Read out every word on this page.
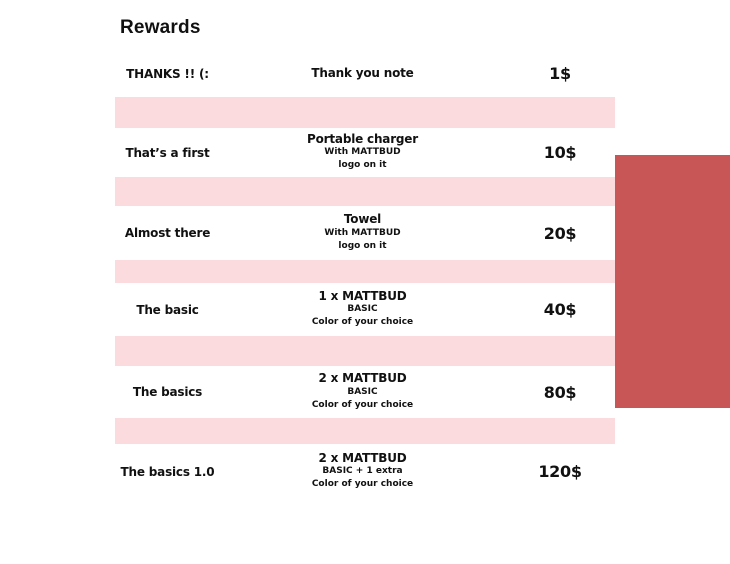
Rewards
THANKS !! (:	Thank you note	1$
That’s a first
Portable charger
With MATTBUD
logo on it
10$
Almost there
Towel
With MATTBUD
logo on it
20$
The basic
1 x MATTBUD
BASIC
Color of your choice
40$
The basics
2 x MATTBUD
BASIC
Color of your choice
80$
The basics 1.0
2 x MATTBUD
BASIC + 1 extra
Color of your choice
120$
